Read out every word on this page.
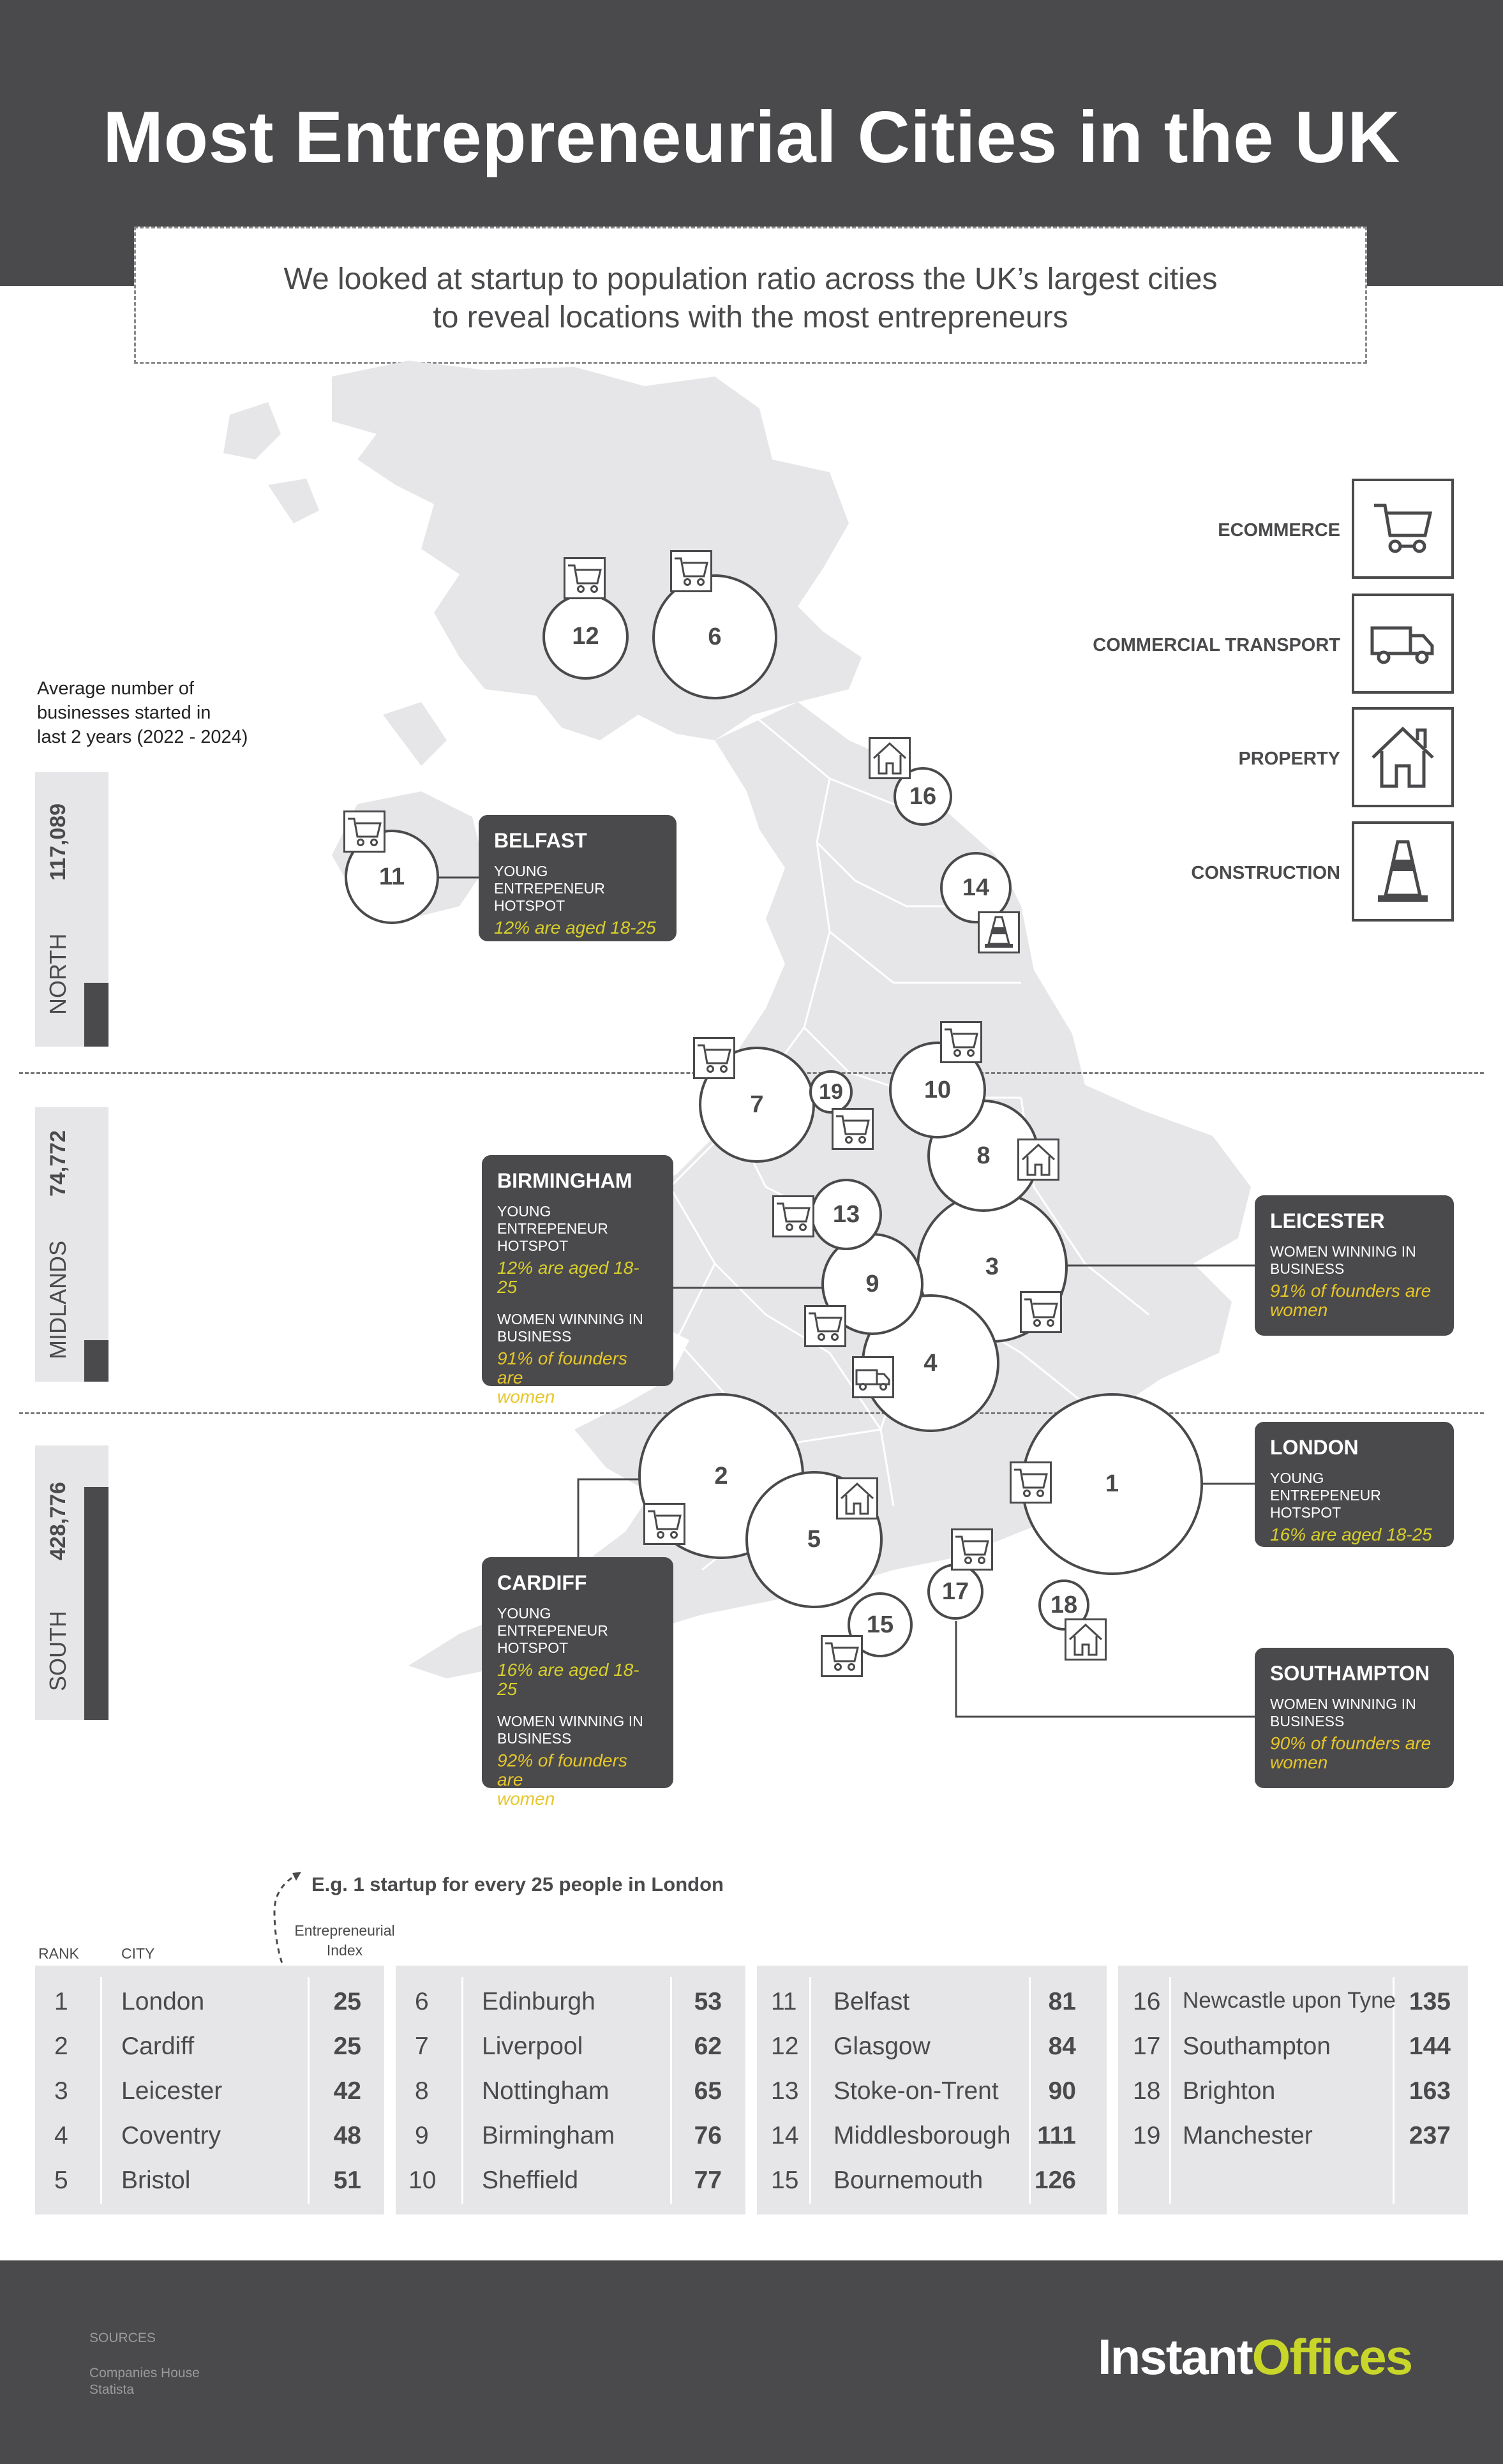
Most Entrepreneurial Cities in the UK
We looked at startup to population ratio across the UK’s largest cities
to reveal locations with the most entrepreneurs
Average number of
businesses started in
last 2 years (2022 - 2024)
NORTH
117,089
MIDLANDS
74,772
SOUTH
428,776
ECOMMERCE
COMMERCIAL TRANSPORT
PROPERTY
CONSTRUCTION
1
2
3
4
5
6
7
8
9
10
11
12
13
14
15
16
17	18
19
BELFAST
YOUNG ENTREPENEUR
HOTSPOT
12% are aged 18-25
BIRMINGHAM
YOUNG ENTREPENEUR
HOTSPOT
12% are aged 18-25
WOMEN WINNING IN
BUSINESS
91% of founders are
women
LEICESTER
WOMEN WINNING IN
BUSINESS
91% of founders are
women
LONDON
YOUNG ENTREPENEUR
HOTSPOT
16% are aged 18-25
CARDIFF
YOUNG ENTREPENEUR
HOTSPOT
16% are aged 18-25
WOMEN WINNING IN
BUSINESS
92% of founders are
women
SOUTHAMPTON
WOMEN WINNING IN
BUSINESS
90% of founders are
women
E.g. 1 startup for every 25 people in London
Entrepreneurial
Index
RANK	CITY
1 London	25
2 Cardiff	25
3 Leicester	42
4 Coventry	48
5 Bristol	51
6 Edinburgh	53
7 Liverpool	62
8 Nottingham	65
9 Birmingham	76
10 Sheffield	77
11 Belfast	81
12 Glasgow	84
13 Stoke-on-Trent	90
14 Middlesborough	111
15 Bournemouth	126
16 Newcastle upon Tyne 135
17 Southampton	144
18 Brighton	163
19 Manchester	237
SOURCES
Companies House
Statista
InstantOffices
